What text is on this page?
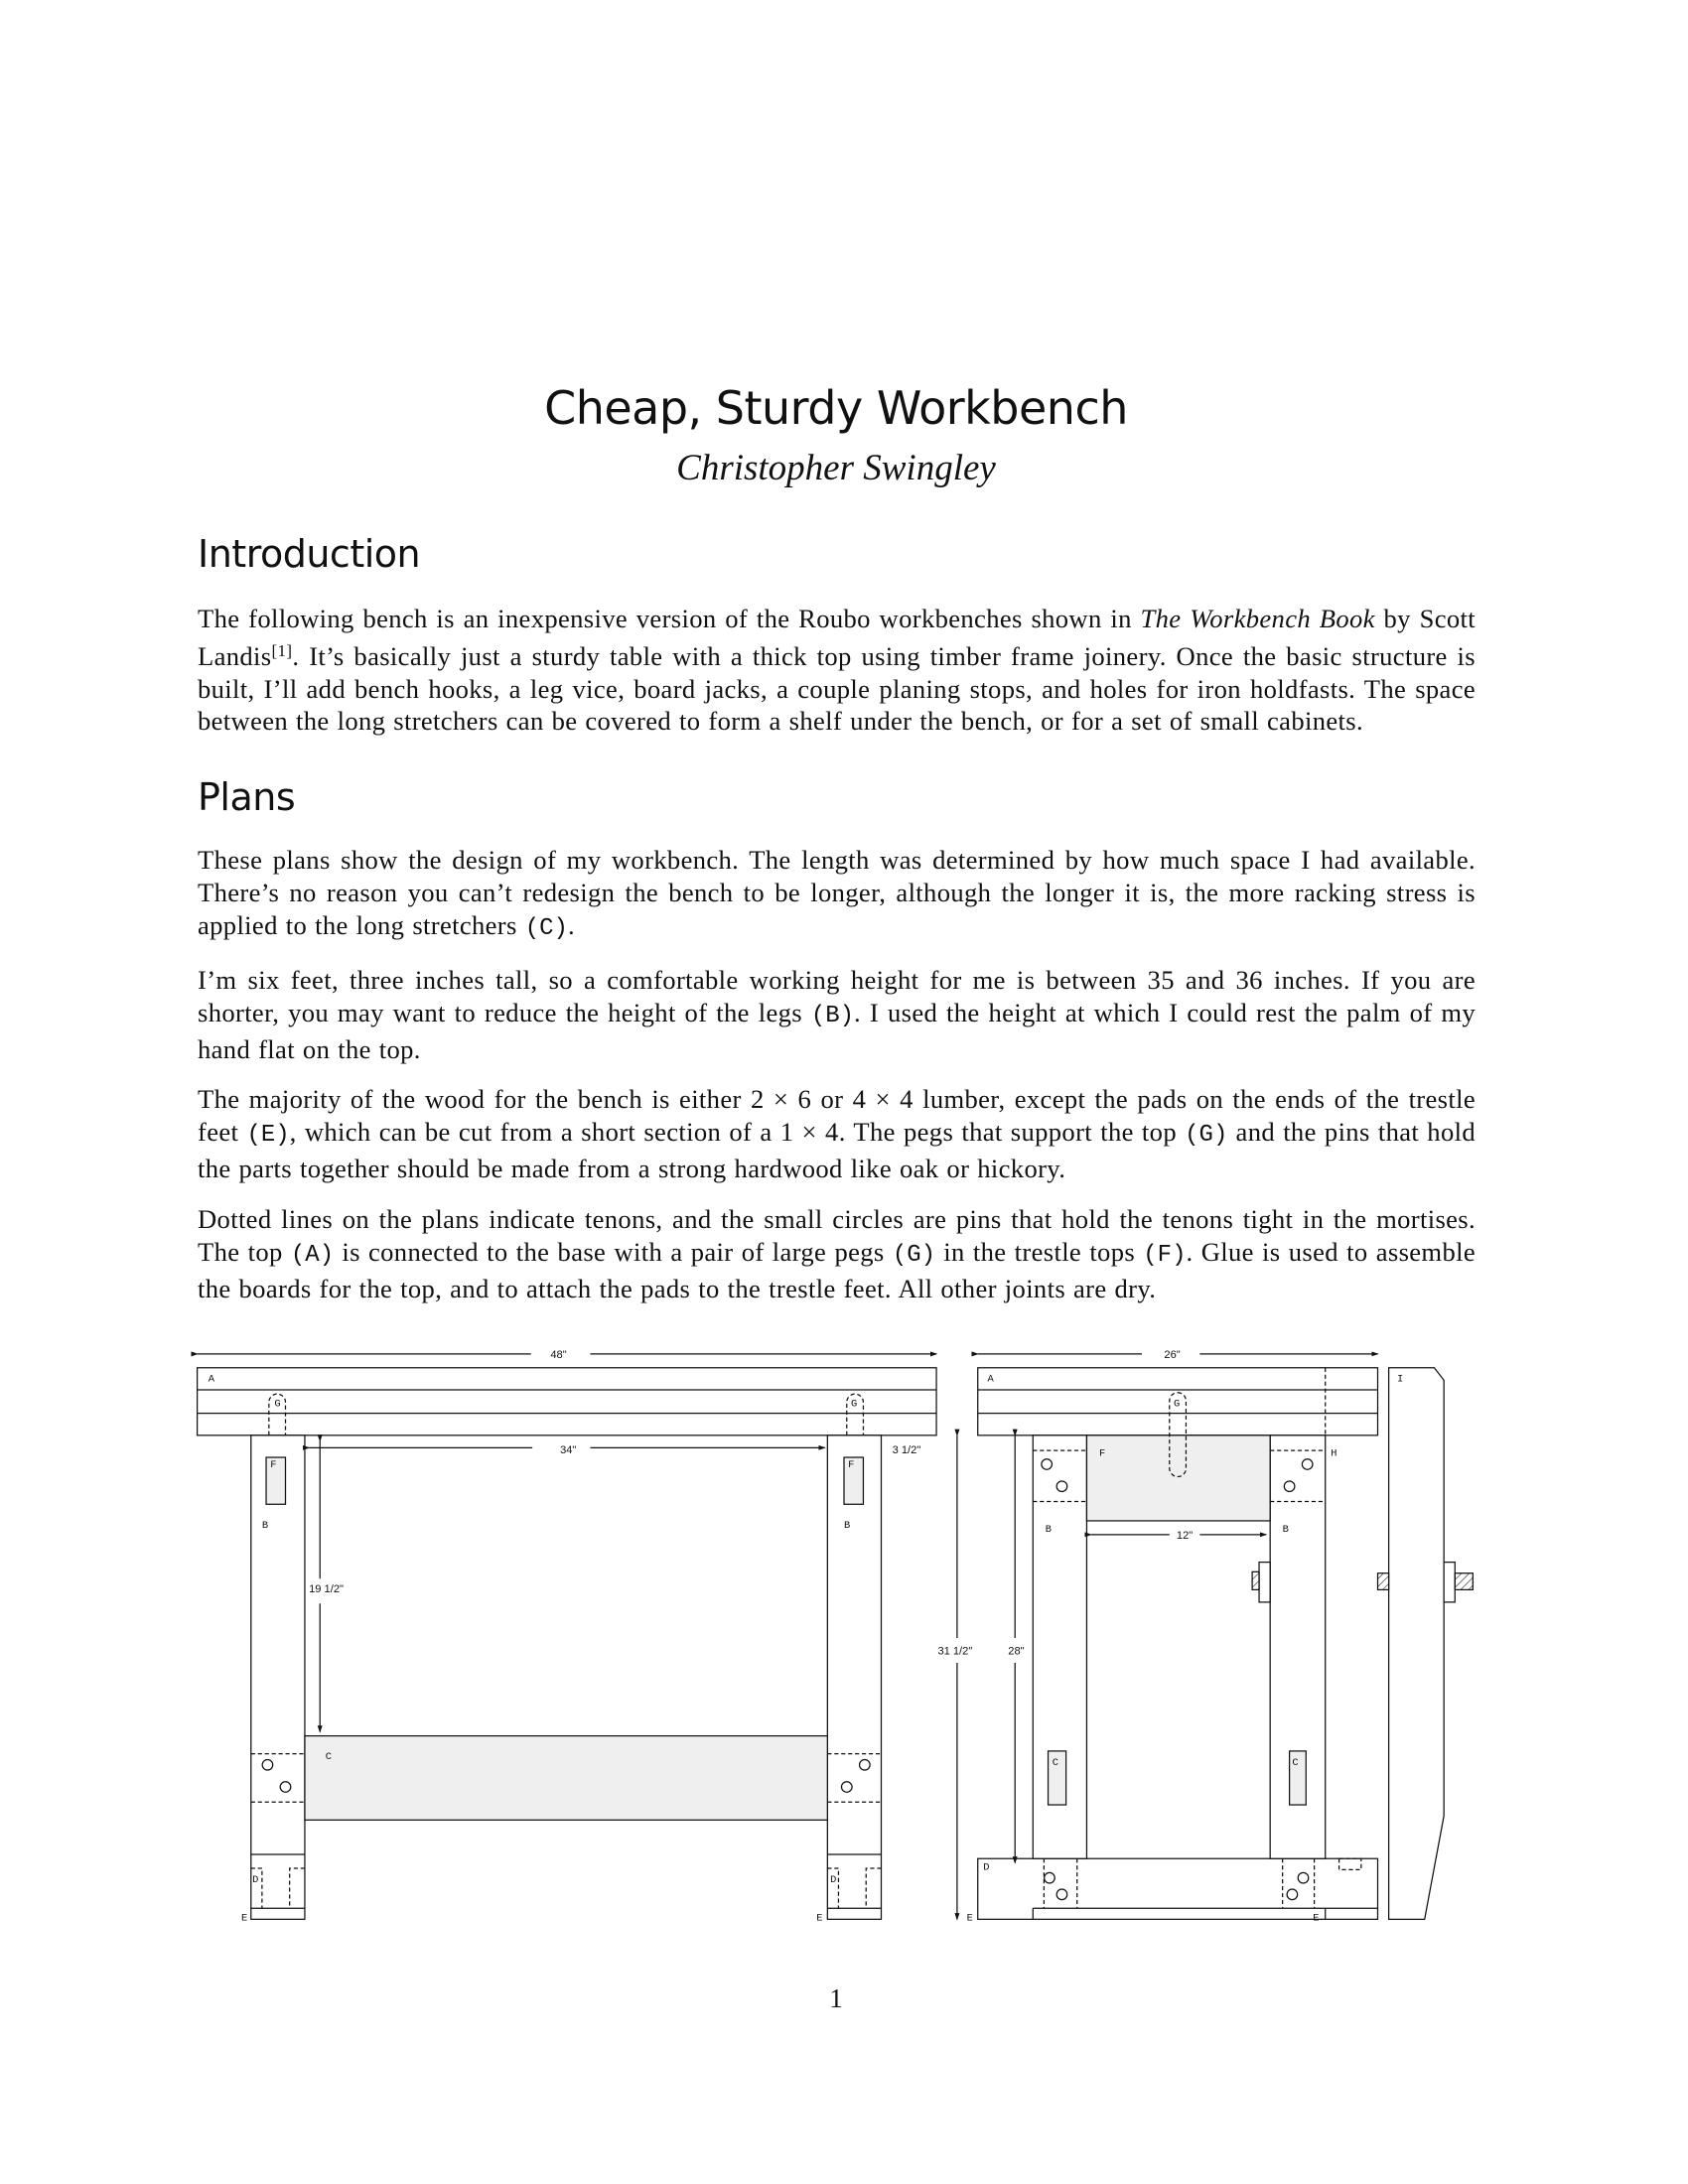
Cheap, Sturdy Workbench
Christopher Swingley
Introduction

The following bench is an inexpensive version of the Roubo workbenches shown in The Workbench Book by Scott Landis[1]. It’s basically just a sturdy table with a thick top using timber frame joinery. Once the basic structure is built, I’ll add bench hooks, a leg vice, board jacks, a couple planing stops, and holes for iron holdfasts. The space between the long stretchers can be covered to form a shelf under the bench, or for a set of small cabinets.

Plans

These plans show the design of my workbench. The length was determined by how much space I had available. There’s no reason you can’t redesign the bench to be longer, although the longer it is, the more racking stress is applied to the long stretchers (C).

I’m six feet, three inches tall, so a comfortable working height for me is between 35 and 36 inches. If you are shorter, you may want to reduce the height of the legs (B). I used the height at which I could rest the palm of my hand flat on the top.

The majority of the wood for the bench is either 2 × 6 or 4 × 4 lumber, except the pads on the ends of the trestle feet (E), which can be cut from a short section of a 1 × 4. The pegs that support the top (G) and the pins that hold the parts together should be made from a strong hardwood like oak or hickory.

Dotted lines on the plans indicate tenons, and the small circles are pins that hold the tenons tight in the mortises. The top (A) is connected to the base with a pair of large pegs (G) in the trestle tops (F). Glue is used to assemble the boards for the top, and to attach the pads to the trestle feet. All other joints are dry.

48"
34"	3 1/2"
19 1/2"
A
G	G
F	F
B	B
C
D	D
E	E
26"
12"
31 1/2"	28"
A
G
F	H
I
B	B
C	C
D
E	E
1
